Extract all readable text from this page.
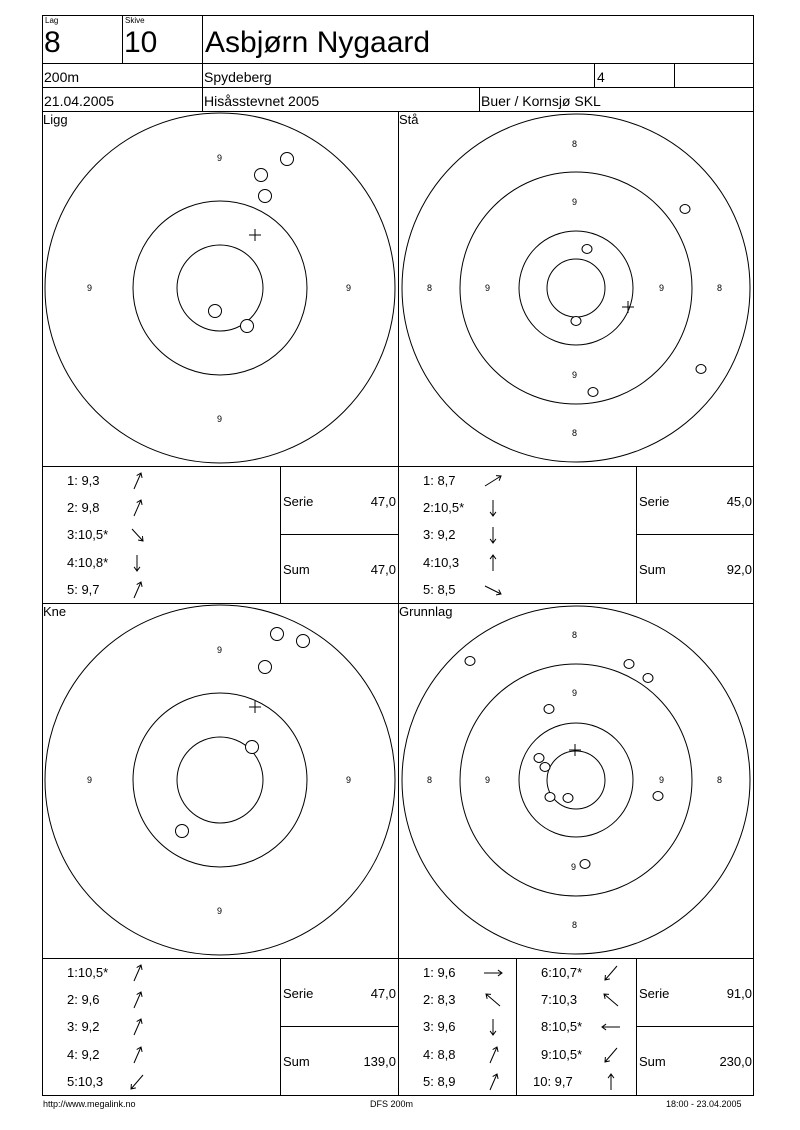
Lag
8
Skive
10 Asbjørn Nygaard
200m	Spydeberg	4
21.04.2005	Hisåsstevnet 2005	Buer / Kornsjø SKL
Ligg	Stå
Kne	Grunnlag
9
9	9
9
8
9
8	9	9	8
9
8
9
9	9
9
8
9
8	9	9	8
9
8
1: 9,3
2: 9,8
3:10,5*
4:10,8*
5: 9,7
1: 8,7
2:10,5*
3: 9,2
4:10,3
5: 8,5
1:10,5*
2: 9,6
3: 9,2
4: 9,2
5:10,3
1: 9,6
2: 8,3
3: 9,6
4: 8,8
5: 8,9
6:10,7*
7:10,3
8:10,5*
9:10,5*
10: 9,7
Serie	47,0
Sum	47,0
Serie	45,0
Sum	92,0
Serie	47,0
Sum	139,0
Serie	91,0
Sum	230,0
http://www.megalink.no	DFS 200m	18:00 - 23.04.2005
